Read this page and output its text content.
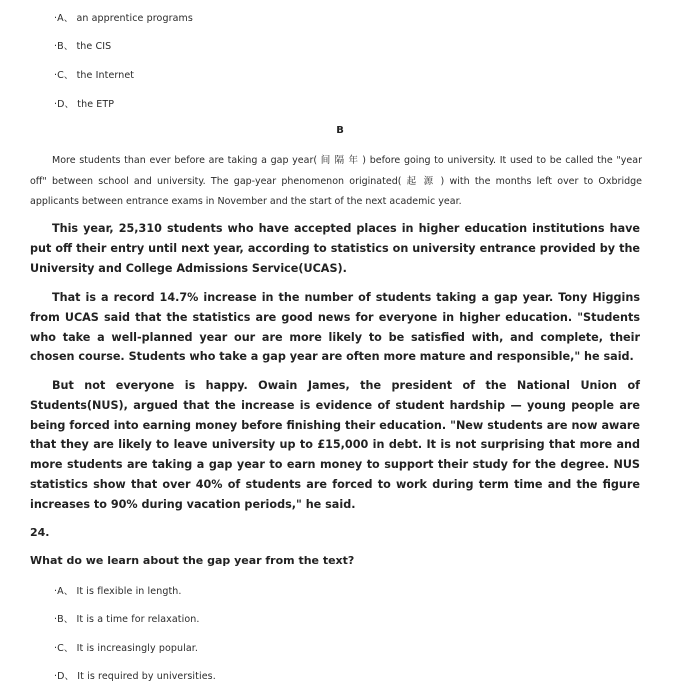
·A、 an apprentice programs
·B、 the CIS
·C、 the Internet
·D、 the ETP
B

More students than ever before are taking a gap year( 间 隔 年 ) before going to university. It used to be called the "year off" between school and university. The gap-year phenomenon originated( 起 源 ) with the months left over to Oxbridge applicants between entrance exams in November and the start of the next academic year.

This year, 25,310 students who have accepted places in higher education institutions have put off their entry until next year, according to statistics on university entrance provided by the University and College Admissions Service(UCAS).

That is a record 14.7% increase in the number of students taking a gap year. Tony Higgins from UCAS said that the statistics are good news for everyone in higher education. "Students who take a well-planned year our are more likely to be satisfied with, and complete, their chosen course. Students who take a gap year are often more mature and responsible," he said.

But not everyone is happy. Owain James, the president of the National Union of Students(NUS), argued that the increase is evidence of student hardship — young people are being forced into earning money before finishing their education. "New students are now aware that they are likely to leave university up to £15,000 in debt. It is not surprising that more and more students are taking a gap year to earn money to support their study for the degree. NUS statistics show that over 40% of students are forced to work during term time and the figure increases to 90% during vacation periods," he said.

24.
What do we learn about the gap year from the text?
·A、 It is flexible in length.
·B、 It is a time for relaxation.
·C、 It is increasingly popular.
·D、 It is required by universities.
